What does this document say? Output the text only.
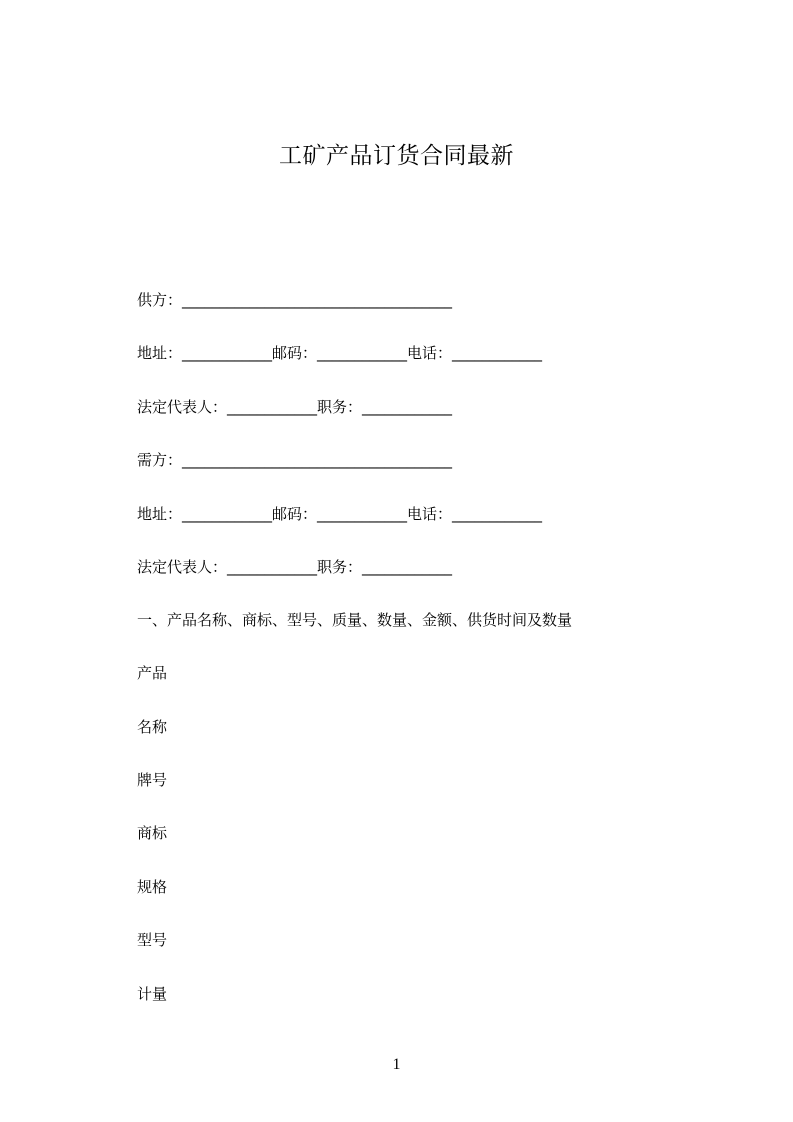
工矿产品订货合同最新
供方：____________________________________
地址：____________邮码：____________电话：____________
法定代表人：____________职务：____________
需方：____________________________________
地址：____________邮码：____________电话：____________
法定代表人：____________职务：____________
一、产品名称、商标、型号、质量、数量、金额、供货时间及数量
产品
名称
牌号
商标
规格
型号
计量
1
